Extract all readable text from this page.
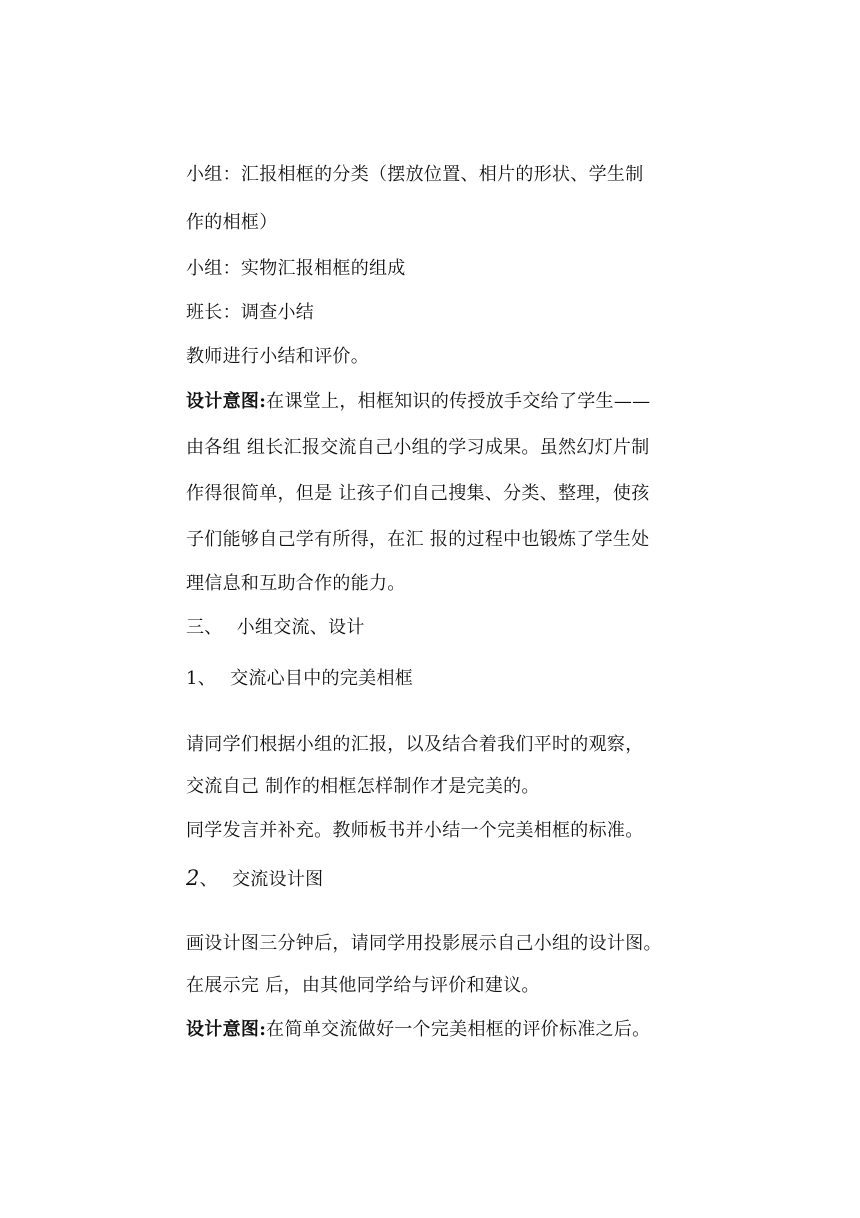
小组：汇报相框的分类（摆放位置、相片的形状、学生制
作的相框）
小组：实物汇报相框的组成
班长：调查小结
教师进行小结和评价。
设计意图:在课堂上，相框知识的传授放手交给了学生——
由各组 组长汇报交流自己小组的学习成果。虽然幻灯片制
作得很简单，但是 让孩子们自己搜集、分类、整理，使孩
子们能够自己学有所得，在汇 报的过程中也锻炼了学生处
理信息和互助合作的能力。
三、 小组交流、设计
1、 交流心目中的完美相框
请同学们根据小组的汇报，以及结合着我们平时的观察，
交流自己 制作的相框怎样制作才是完美的。
同学发言并补充。教师板书并小结一个完美相框的标准。
2、 交流设计图
画设计图三分钟后，请同学用投影展示自己小组的设计图。
在展示完 后，由其他同学给与评价和建议。
设计意图:在简单交流做好一个完美相框的评价标准之后。
